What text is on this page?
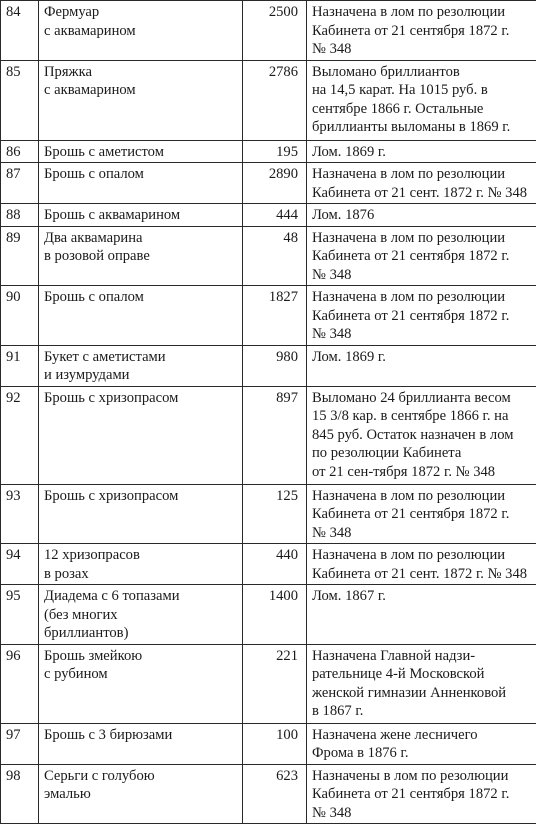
84	Фермуар
с аквамарином	2500	Назначена в лом по резолюции
Кабинета от 21 сентября 1872 г.
№ 348

85	Пряжка
с аквамарином	2786	Выломано бриллиантов
на 14,5 карат. На 1015 руб. в
сентябре 1866 г. Остальные
бриллианты выломаны в 1869 г.

86	Брошь с аметистом	195	Лом. 1869 г.

87	Брошь с опалом	2890	Назначена в лом по резолюции
Кабинета от 21 сент. 1872 г. № 348

88	Брошь с аквамарином	444	Лом. 1876

89	Два аквамарина
в розовой оправе	48	Назначена в лом по резолюции
Кабинета от 21 сентября 1872 г.
№ 348

90	Брошь с опалом	1827	Назначена в лом по резолюции
Кабинета от 21 сентября 1872 г.
№ 348

91	Букет с аметистами
и изумрудами	980	Лом. 1869 г.

92	Брошь с хризопрасом	897	Выломано 24 бриллианта весом
15 3/8 кар. в сентябре 1866 г. на
845 руб. Остаток назначен в лом
по резолюции Кабинета
от 21 сен-тября 1872 г. № 348

93	Брошь с хризопрасом	125	Назначена в лом по резолюции
Кабинета от 21 сентября 1872 г.
№ 348

94	12 хризопрасов
в розах	440	Назначена в лом по резолюции
Кабинета от 21 сент. 1872 г. № 348

95	Диадема с 6 топазами
(без многих
бриллиантов)	1400	Лом. 1867 г.

96	Брошь змейкою
с рубином	221	Назначена Главной надзи-
рательнице 4-й Московской
женской гимназии Анненковой
в 1867 г.

97	Брошь с 3 бирюзами	100	Назначена жене лесничего
Фрома в 1876 г.

98	Серьги с голубою
эмалью	623	Назначены в лом по резолюции
Кабинета от 21 сентября 1872 г.
№ 348
